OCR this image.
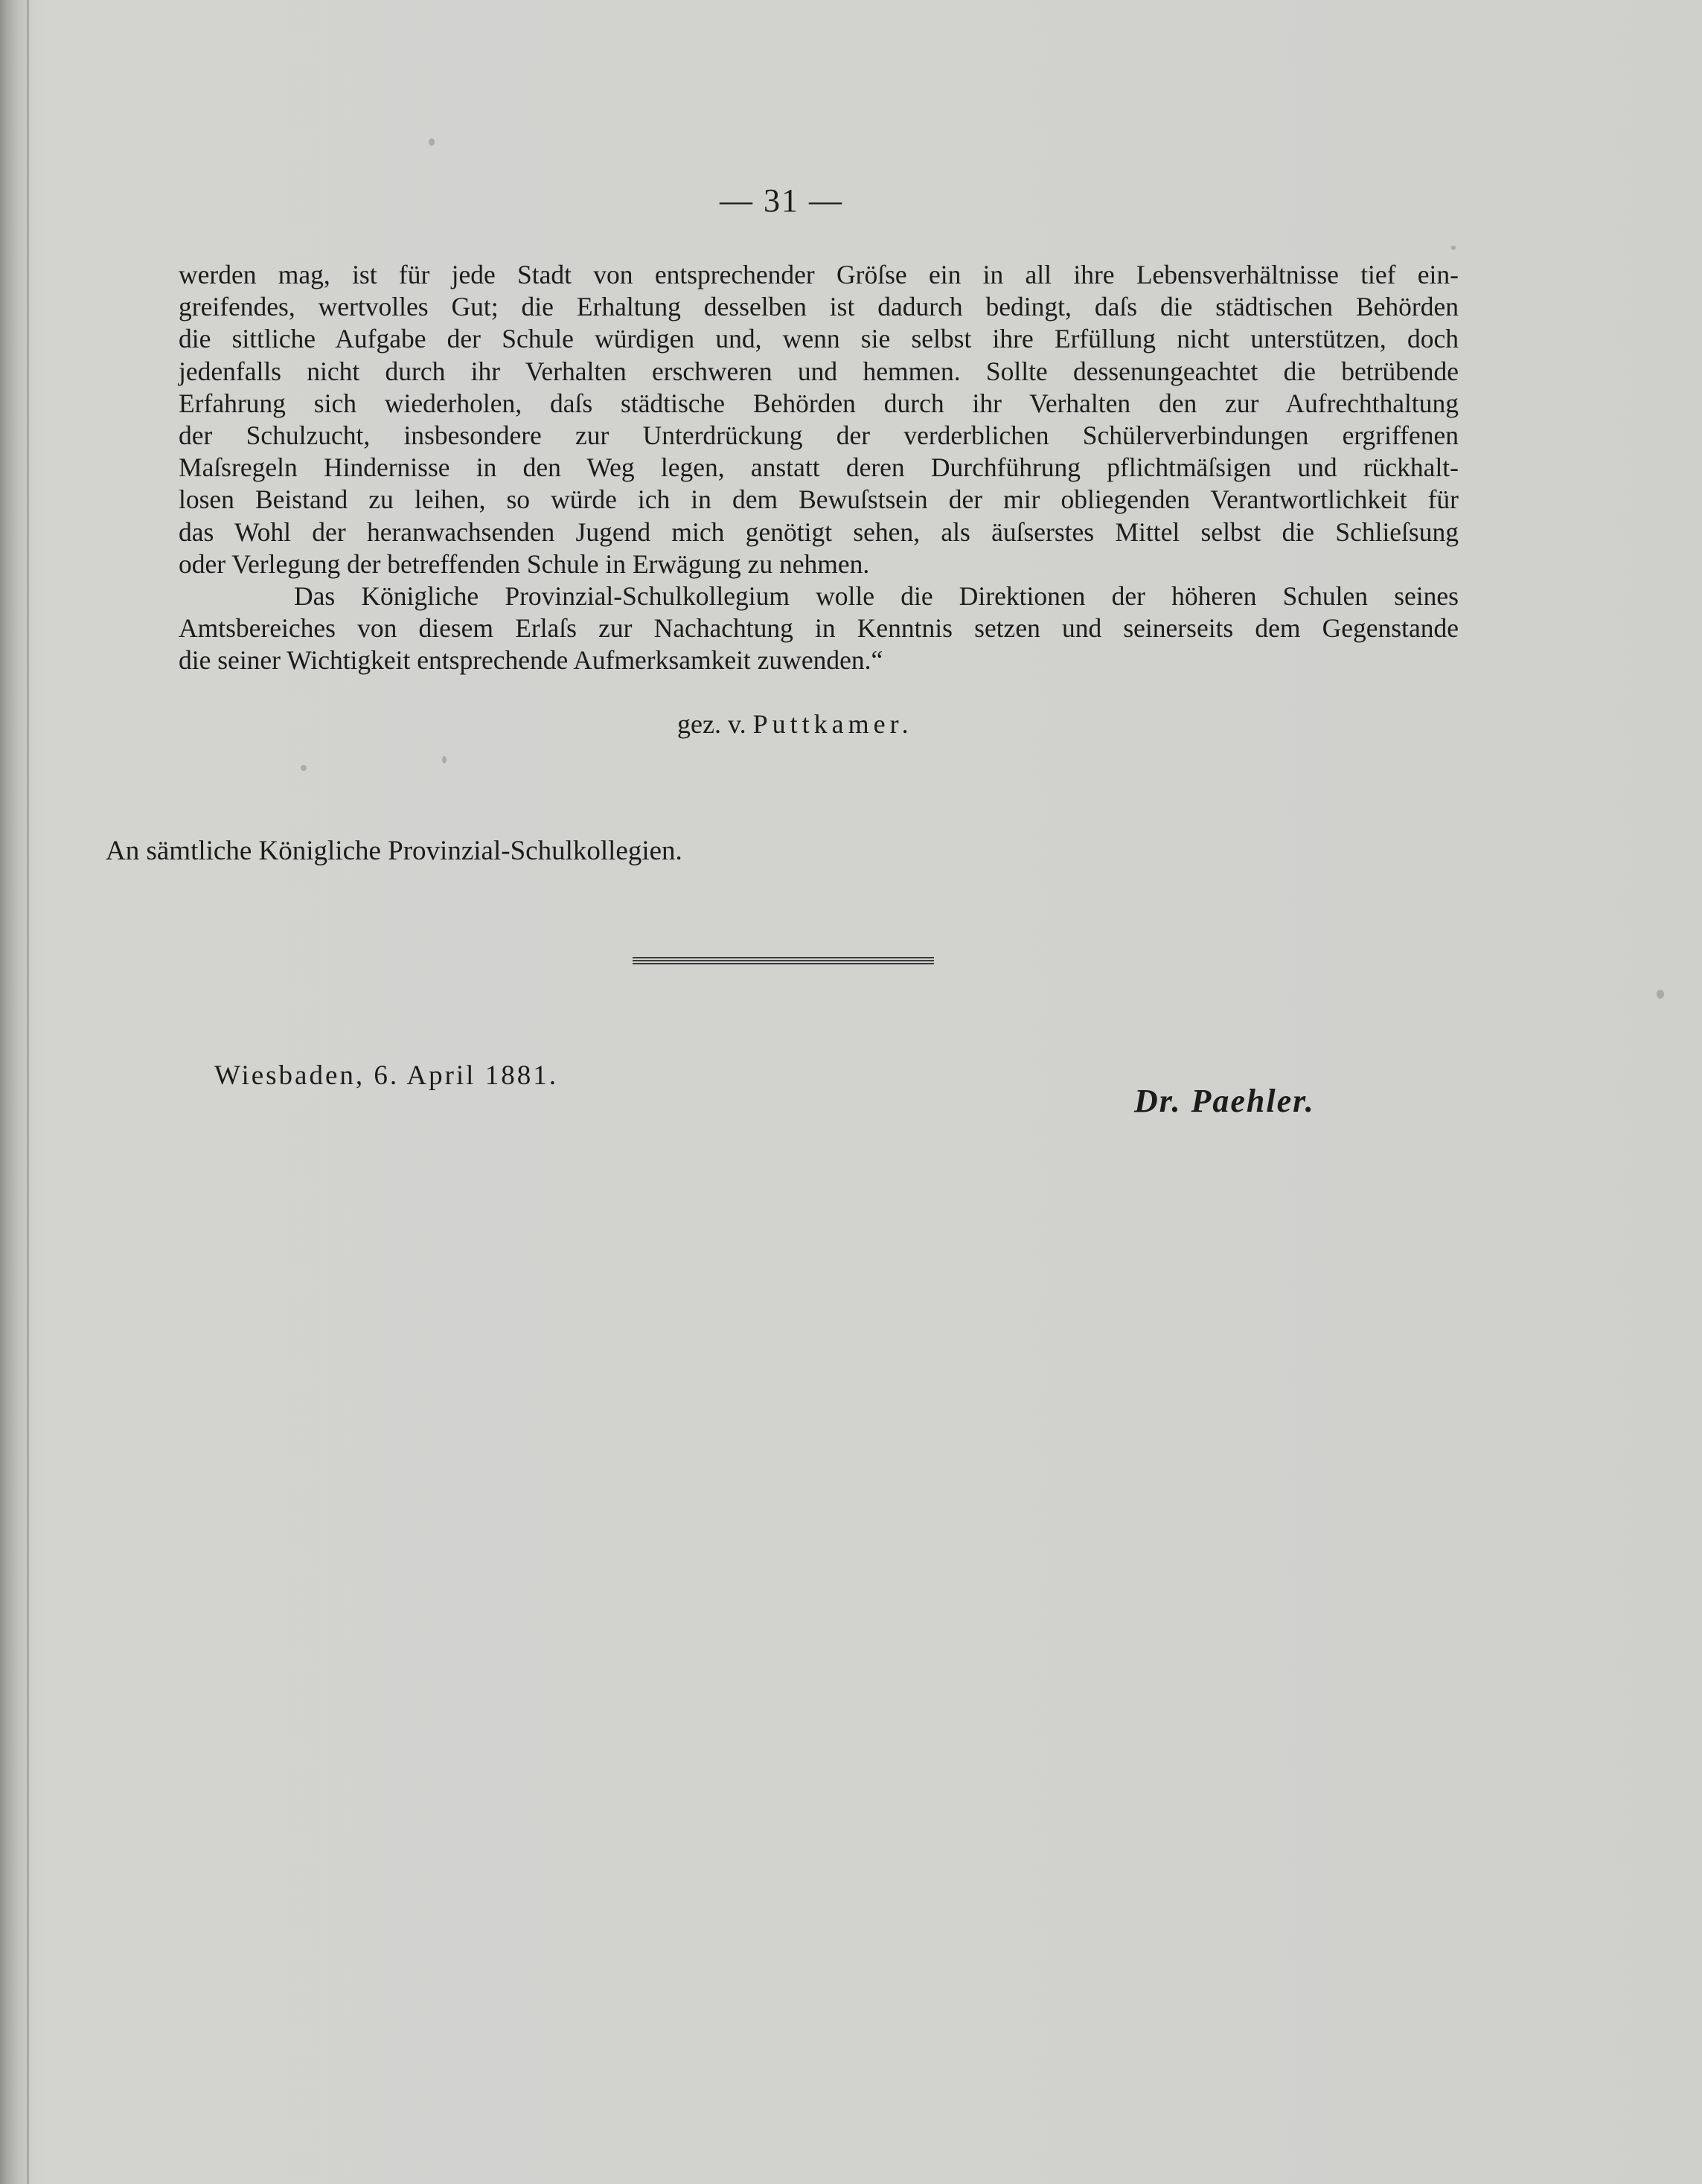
— 31 —
werden mag, ist für jede Stadt von entsprechender Gröſse ein in all ihre Lebensverhältnisse tief ein-
greifendes, wertvolles Gut; die Erhaltung desselben ist dadurch bedingt, daſs die städtischen Behörden
die sittliche Aufgabe der Schule würdigen und, wenn sie selbst ihre Erfüllung nicht unterstützen, doch
jedenfalls nicht durch ihr Verhalten erschweren und hemmen. Sollte dessenungeachtet die betrübende
Erfahrung sich wiederholen, daſs städtische Behörden durch ihr Verhalten den zur Aufrechthaltung
der Schulzucht, insbesondere zur Unterdrückung der verderblichen Schülerverbindungen ergriffenen
Maſsregeln Hindernisse in den Weg legen, anstatt deren Durchführung pflichtmäſsigen und rückhalt-
losen Beistand zu leihen, so würde ich in dem Bewuſstsein der mir obliegenden Verantwortlichkeit für
das Wohl der heranwachsenden Jugend mich genötigt sehen, als äuſserstes Mittel selbst die Schlieſsung
oder Verlegung der betreffenden Schule in Erwägung zu nehmen.
Das Königliche Provinzial-Schulkollegium wolle die Direktionen der höheren Schulen seines
Amtsbereiches von diesem Erlaſs zur Nachachtung in Kenntnis setzen und seinerseits dem Gegenstande
die seiner Wichtigkeit entsprechende Aufmerksamkeit zuwenden.“
gez. v. Puttkamer.
An sämtliche Königliche Provinzial-Schulkollegien.
Wiesbaden, 6. April 1881.
Dr. Paehler.
